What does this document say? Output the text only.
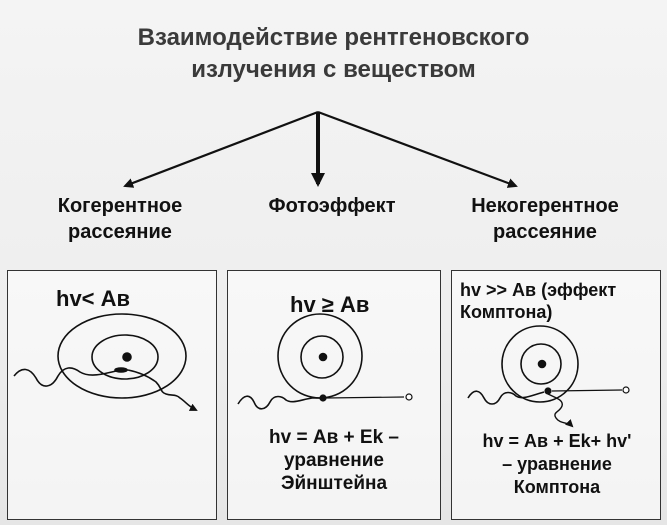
Взаимодействие рентгеновского
излучения с веществом
Когерентное
рассеяние
Фотоэффект	Некогерентное
рассеяние
hv< Ав	hv ≥ Ав
hv = Ав + Ek –
уравнение
Эйнштейна
hv >> Ав (эффект
Комптона)
hv = Ав + Ek+ hv'
– уравнение
Комптона
